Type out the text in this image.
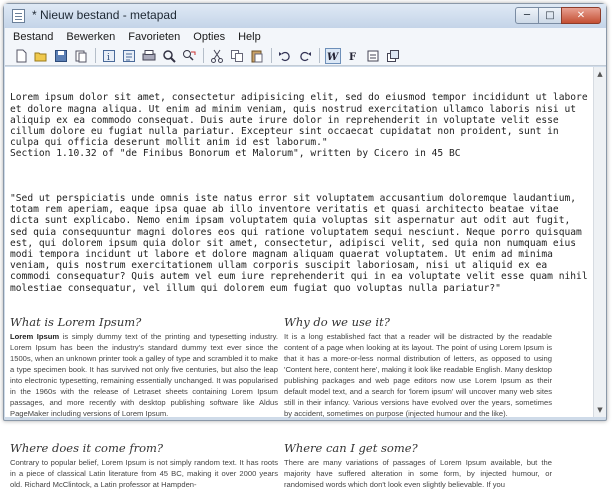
* Nieuw bestand - metapad	─	□	✕
Bestand Bewerken Favorieten Opties Help
i	W F

Lorem ipsum dolor sit amet, consectetur adipisicing elit, sed do eiusmod tempor incididunt ut labore et dolore magna aliqua. Ut enim ad minim veniam, quis nostrud exercitation ullamco laboris nisi ut aliquip ex ea commodo consequat. Duis aute irure dolor in reprehenderit in voluptate velit esse cillum dolore eu fugiat nulla pariatur. Excepteur sint occaecat cupidatat non proident, sunt in culpa qui officia deserunt mollit anim id est laborum."
Section 1.10.32 of "de Finibus Bonorum et Malorum", written by Cicero in 45 BC

"Sed ut perspiciatis unde omnis iste natus error sit voluptatem accusantium doloremque laudantium, totam rem aperiam, eaque ipsa quae ab illo inventore veritatis et quasi architecto beatae vitae dicta sunt explicabo. Nemo enim ipsam voluptatem quia voluptas sit aspernatur aut odit aut fugit, sed quia consequuntur magni dolores eos qui ratione voluptatem sequi nesciunt. Neque porro quisquam est, qui dolorem ipsum quia dolor sit amet, consectetur, adipisci velit, sed quia non numquam eius modi tempora incidunt ut labore et dolore magnam aliquam quaerat voluptatem. Ut enim ad minima veniam, quis nostrum exercitationem ullam corporis suscipit laboriosam, nisi ut aliquid ex ea commodi consequatur? Quis autem vel eum iure reprehenderit qui in ea voluptate velit esse quam nihil molestiae consequatur, vel illum qui dolorem eum fugiat quo voluptas nulla pariatur?"

What is Lorem Ipsum?

Lorem Ipsum is simply dummy text of the printing and typesetting industry. Lorem Ipsum has been the industry's standard dummy text ever since the 1500s, when an unknown printer took a galley of type and scrambled it to make a type specimen book. It has survived not only five centuries, but also the leap into electronic typesetting, remaining essentially unchanged. It was popularised in the 1960s with the release of Letraset sheets containing Lorem Ipsum passages, and more recently with desktop publishing software like Aldus PageMaker including versions of Lorem Ipsum.

Why do we use it?

It is a long established fact that a reader will be distracted by the readable content of a page when looking at its layout. The point of using Lorem Ipsum is that it has a more-or-less normal distribution of letters, as opposed to using 'Content here, content here', making it look like readable English. Many desktop publishing packages and web page editors now use Lorem Ipsum as their default model text, and a search for 'lorem ipsum' will uncover many web sites still in their infancy. Various versions have evolved over the years, sometimes by accident, sometimes on purpose (injected humour and the like).

Where does it come from?

Contrary to popular belief, Lorem Ipsum is not simply random text. It has roots in a piece of classical Latin literature from 45 BC, making it over 2000 years old. Richard McClintock, a Latin professor at Hampden-

Where can I get some?

There are many variations of passages of Lorem Ipsum available, but the majority have suffered alteration in some form, by injected humour, or randomised words which don't look even slightly believable. If you

▲
▼
